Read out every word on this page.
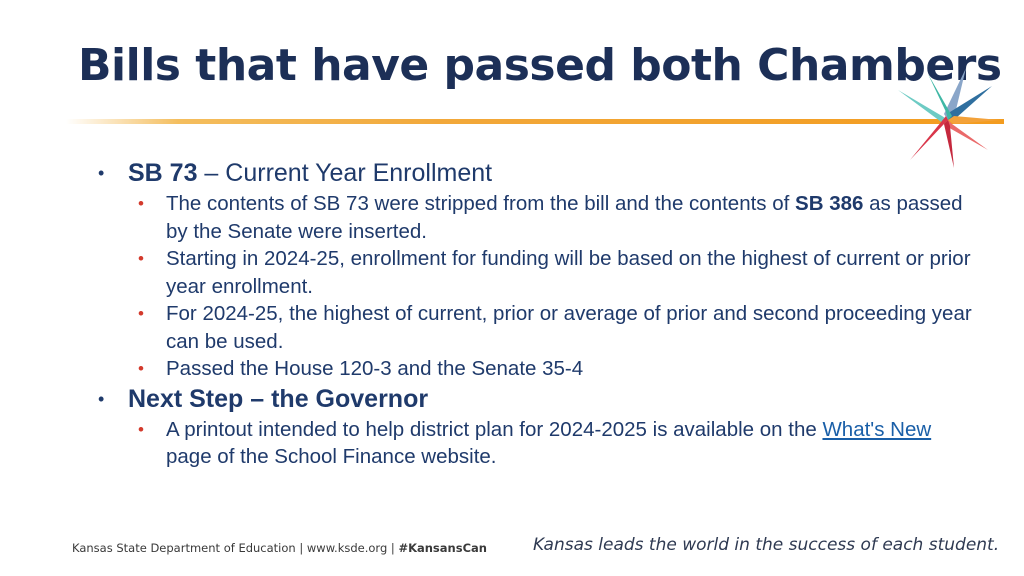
Bills that have passed both Chambers
• SB 73 – Current Year Enrollment
• The contents of SB 73 were stripped from the bill and the contents of SB 386 as passed by the Senate were inserted.
• Starting in 2024-25, enrollment for funding will be based on the highest of current or prior year enrollment.
• For 2024-25, the highest of current, prior or average of prior and second proceeding year can be used.
• Passed the House 120-3 and the Senate 35-4
• Next Step – the Governor
• A printout intended to help district plan for 2024-2025 is available on the What's New page of the School Finance website.
Kansas State Department of Education | www.ksde.org | #KansansCan	Kansas leads the world in the success of each student.
